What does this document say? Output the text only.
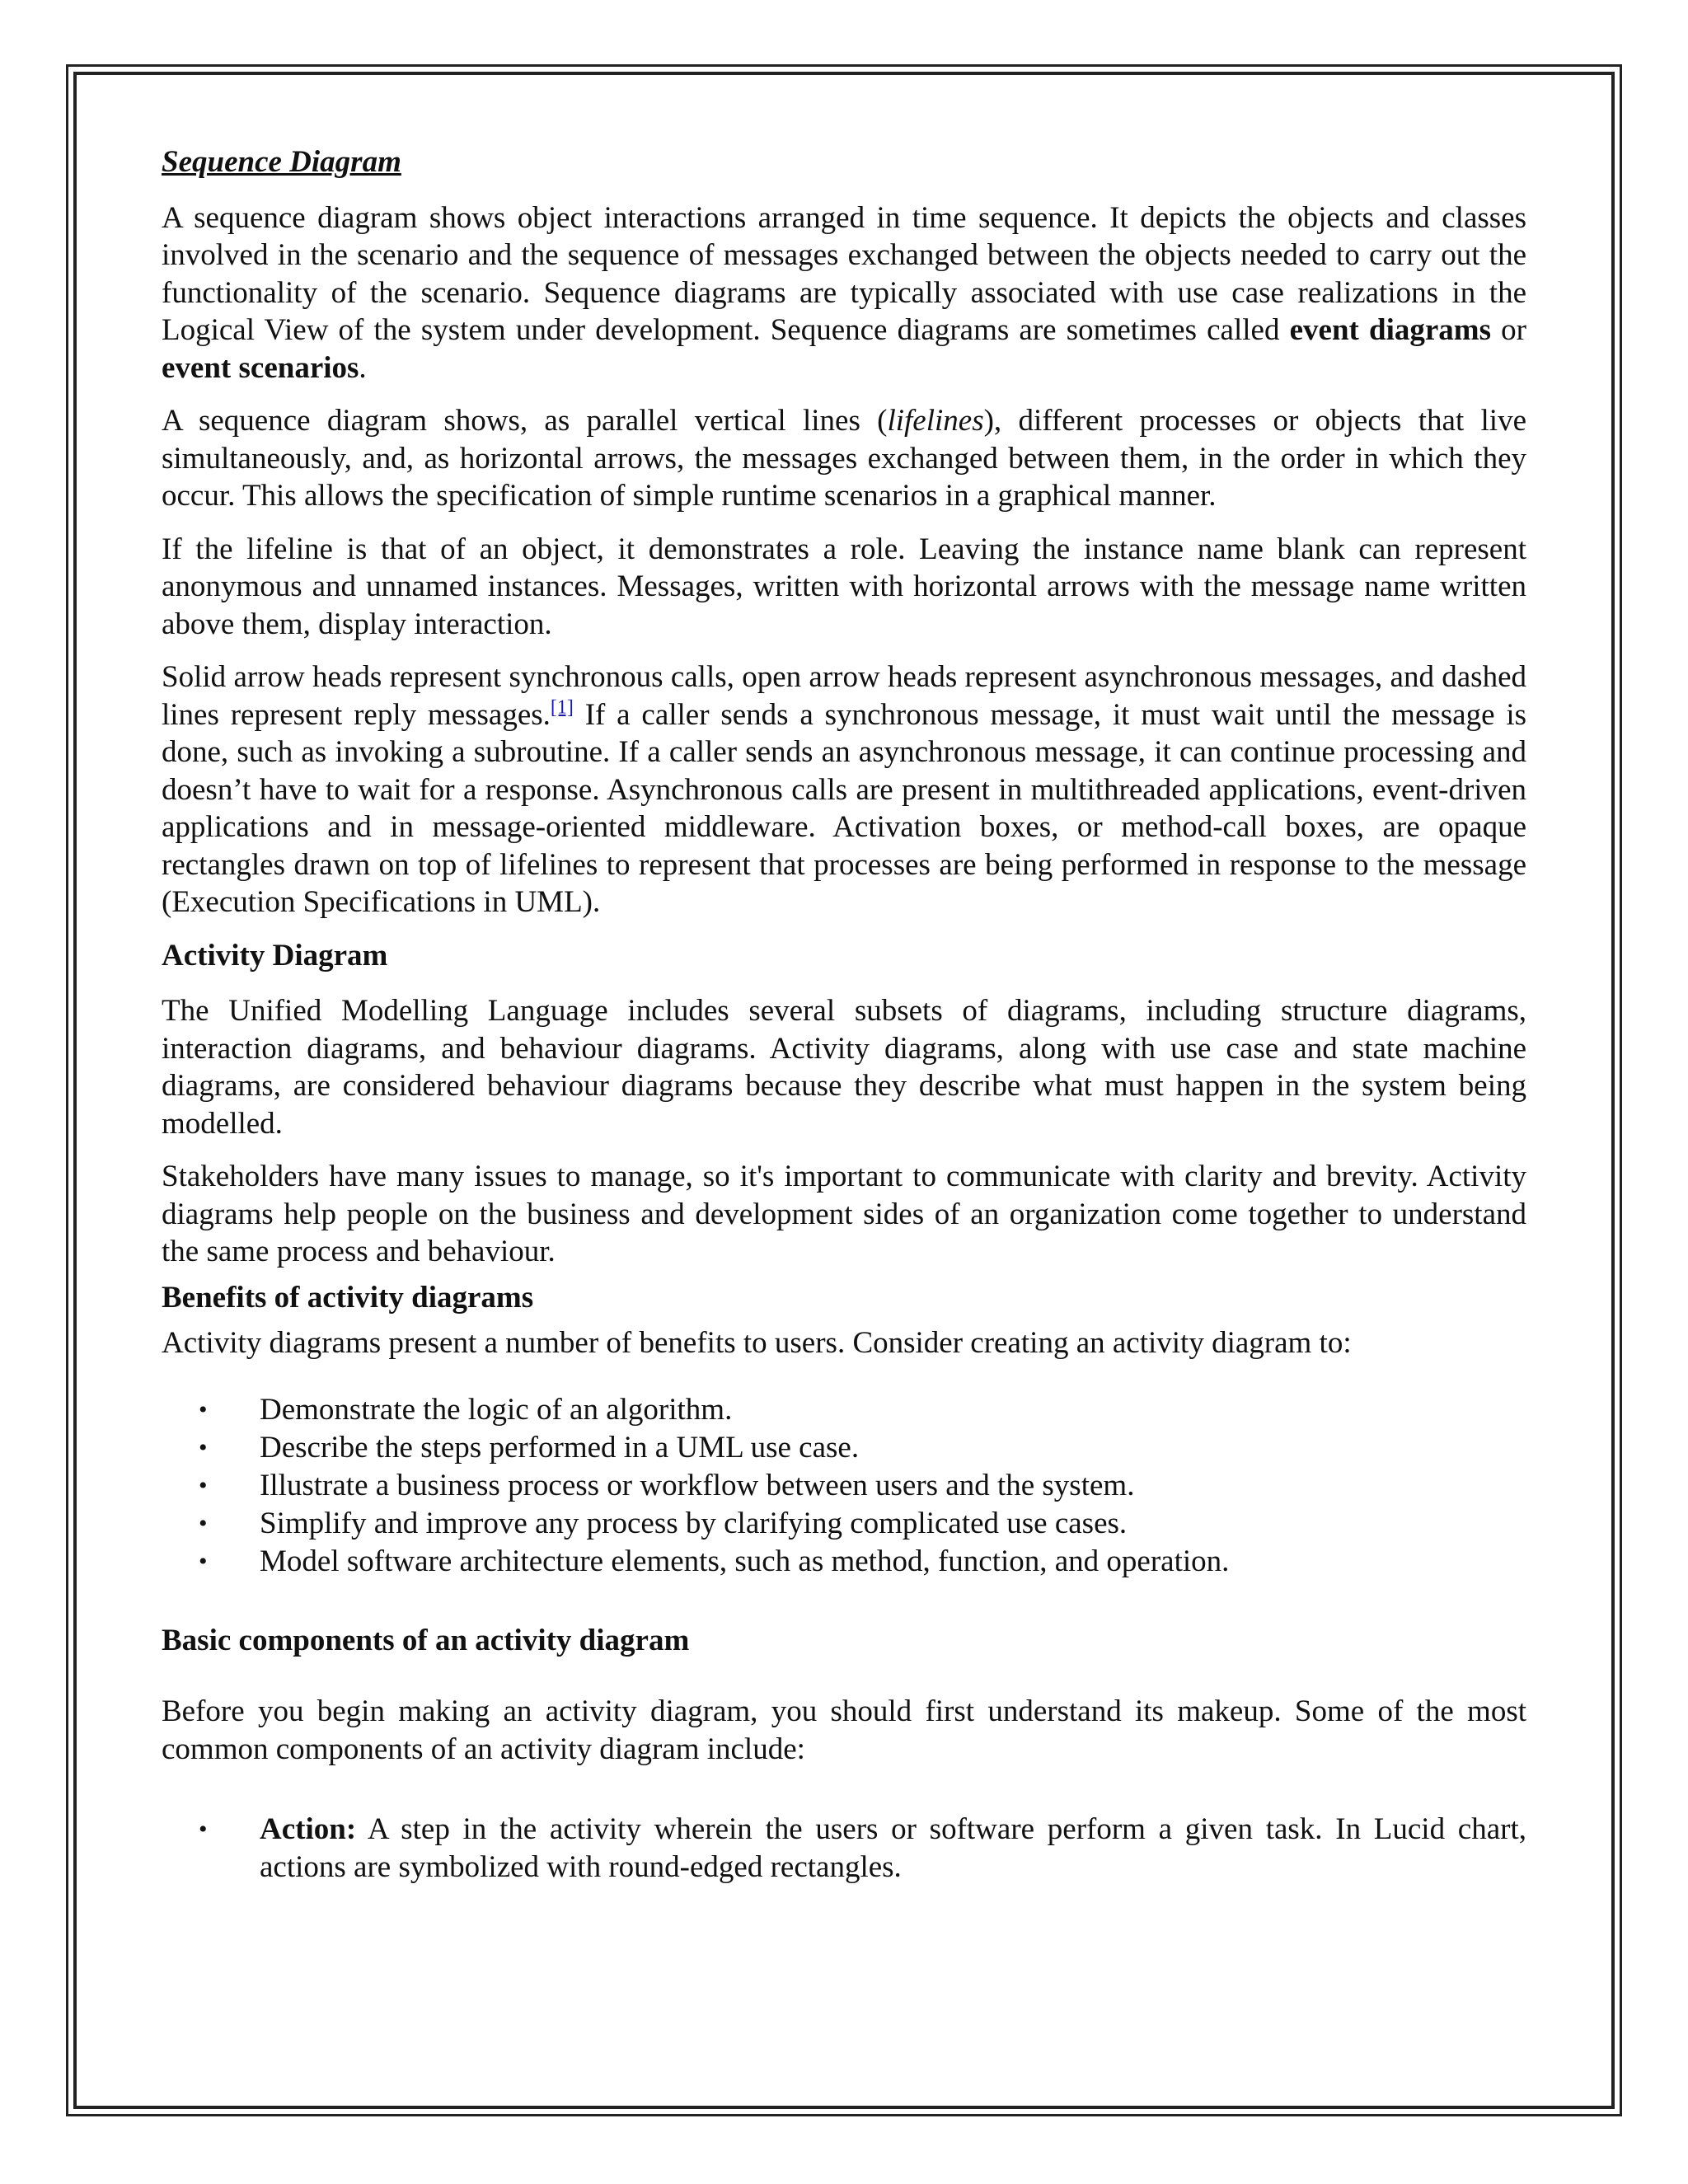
Sequence Diagram

A sequence diagram shows object interactions arranged in time sequence. It depicts the objects and classes involved in the scenario and the sequence of messages exchanged between the objects needed to carry out the functionality of the scenario. Sequence diagrams are typically associated with use case realizations in the Logical View of the system under development. Sequence diagrams are sometimes called event diagrams or event scenarios.

A sequence diagram shows, as parallel vertical lines (lifelines), different processes or objects that live simultaneously, and, as horizontal arrows, the messages exchanged between them, in the order in which they occur. This allows the specification of simple runtime scenarios in a graphical manner.

If the lifeline is that of an object, it demonstrates a role. Leaving the instance name blank can represent anonymous and unnamed instances. Messages, written with horizontal arrows with the message name written above them, display interaction.

Solid arrow heads represent synchronous calls, open arrow heads represent asynchronous messages, and dashed lines represent reply messages.[1] If a caller sends a synchronous message, it must wait until the message is done, such as invoking a subroutine. If a caller sends an asynchronous message, it can continue processing and doesn’t have to wait for a response. Asynchronous calls are present in multithreaded applications, event-driven applications and in message-oriented middleware. Activation boxes, or method-call boxes, are opaque rectangles drawn on top of lifelines to represent that processes are being performed in response to the message (Execution Specifications in UML).

Activity Diagram

The Unified Modelling Language includes several subsets of diagrams, including structure diagrams, interaction diagrams, and behaviour diagrams. Activity diagrams, along with use case and state machine diagrams, are considered behaviour diagrams because they describe what must happen in the system being modelled.

Stakeholders have many issues to manage, so it's important to communicate with clarity and brevity. Activity diagrams help people on the business and development sides of an organization come together to understand the same process and behaviour.

Benefits of activity diagrams

Activity diagrams present a number of benefits to users. Consider creating an activity diagram to:

• Demonstrate the logic of an algorithm.
• Describe the steps performed in a UML use case.
• Illustrate a business process or workflow between users and the system.
• Simplify and improve any process by clarifying complicated use cases.
• Model software architecture elements, such as method, function, and operation.

Basic components of an activity diagram

Before you begin making an activity diagram, you should first understand its makeup. Some of the most common components of an activity diagram include:

• Action: A step in the activity wherein the users or software perform a given task. In Lucid chart, actions are symbolized with round-edged rectangles.
